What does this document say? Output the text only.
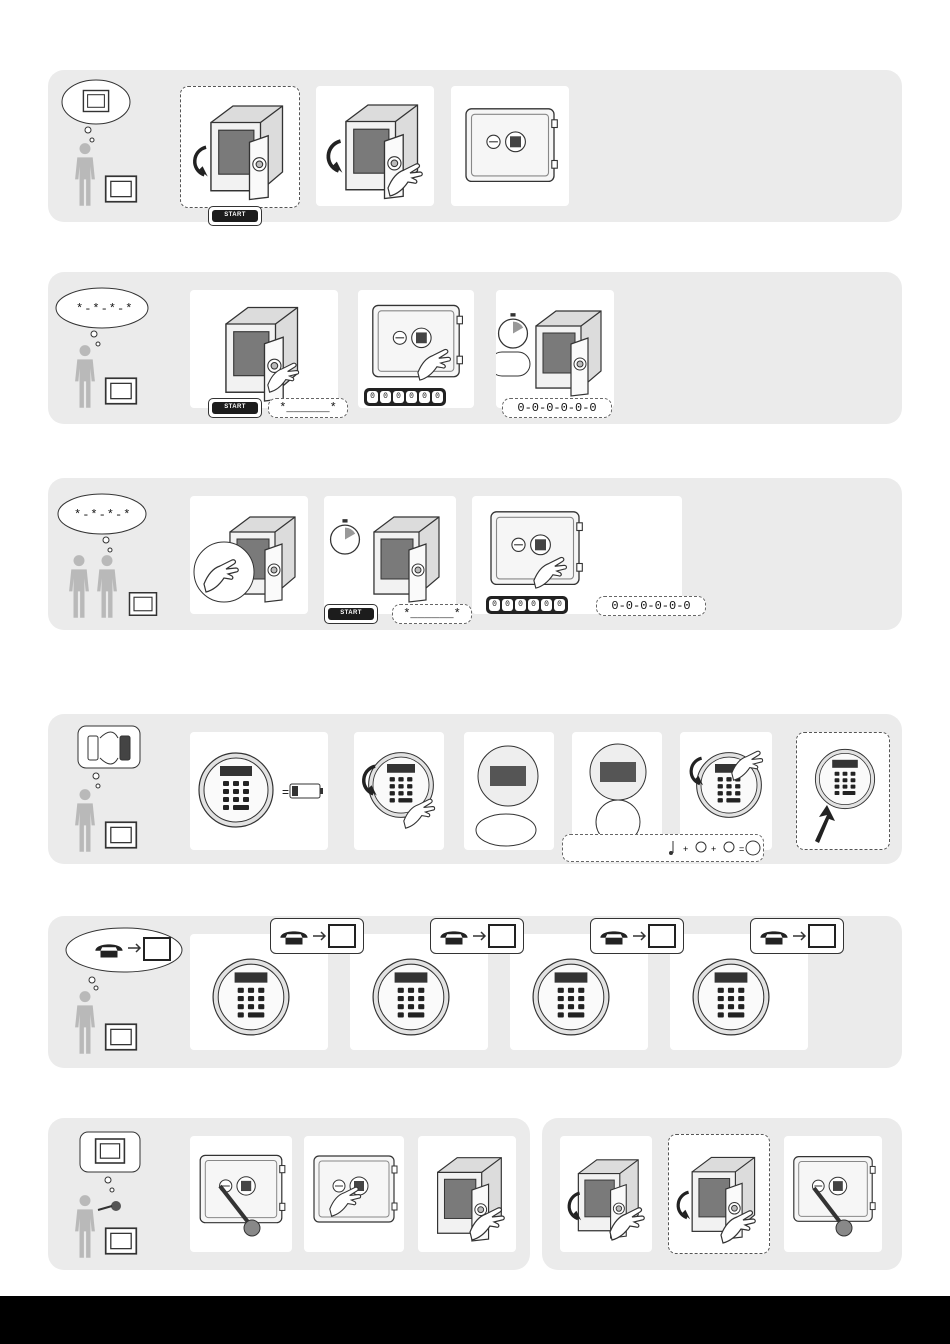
START
*-*-*-*
START	*______*
0	0	0	0	0	0
0-0-0-0-0-0
*-*-*-*
START	*______*
0	0	0	0	0	0	0-0-0-0-0-0
=
+	+	=
